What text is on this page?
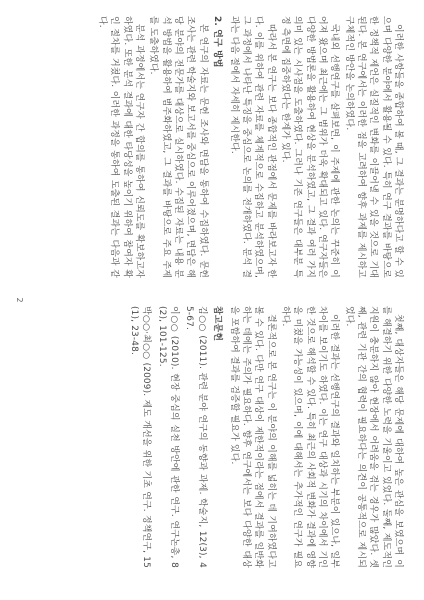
이러한 사항들을 종합하여 볼 때, 그 결과는 분명하다고 할 수 있으며 다양한 분야에서 활용될 수 있다. 특히 연구 결과를 바탕으로 한 정책적 제언은 실질적인 변화를 이끌어낼 수 있을 것으로 기대된다. 본 연구에서는 이러한 점을 고려하여 향후 과제를 제시하고 구체적인 방안을 논의하였다.

국내외 선행연구를 살펴보면, 이 주제에 관한 논의는 꾸준히 이어져 왔으며 최근에는 그 범위가 더욱 확대되고 있다. 연구자들은 다양한 방법론을 활용하여 현상을 분석하였고, 그 결과 여러 가지 의미 있는 시사점을 도출하였다. 그러나 기존 연구들은 대부분 특정 측면에 집중하였다는 한계가 있다.

따라서 본 연구는 보다 종합적인 관점에서 문제를 바라보고자 한다. 이를 위하여 관련 자료를 체계적으로 수집하고 분석하였으며, 그 과정에서 나타난 특징을 중심으로 논의를 전개하였다. 분석 결과는 다음 절에서 자세히 제시한다.

2. 연구 방법

본 연구의 자료는 문헌 조사와 면담을 통하여 수집하였다. 문헌 조사는 관련 학술지와 보고서를 중심으로 이루어졌으며, 면담은 해당 분야의 전문가를 대상으로 실시하였다. 수집된 자료는 내용 분석 방법을 활용하여 범주화하였고, 그 결과를 바탕으로 주요 주제를 도출하였다.

분석 과정에서는 연구자 간 합의를 통하여 신뢰도를 확보하고자 하였다. 또한 분석 결과에 대한 타당성을 높이기 위하여 참여자 확인 절차를 거쳤다. 이러한 과정을 통하여 도출된 결과는 다음과 같다.

첫째, 대상자들은 해당 문제에 대하여 높은 관심을 보였으며 이를 해결하기 위한 다양한 노력을 기울이고 있었다. 둘째, 제도적인 지원이 충분하지 않아 현장에서 어려움을 겪는 경우가 많았다. 셋째, 관련 기관 간의 협력이 필요하다는 의견이 공통적으로 제시되었다.

이러한 결과는 선행연구의 결과와 일치하는 부분이 있으나, 일부 차이를 보이기도 하였다. 이는 연구 대상과 시기의 차이에서 기인한 것으로 해석할 수 있다. 특히 최근의 사회적 변화가 결과에 영향을 미쳤을 가능성이 있으며, 이에 대해서는 추가적인 연구가 필요하다.

결론적으로 본 연구는 이 분야의 이해를 넓히는 데 기여하였다고 볼 수 있다. 다만 연구 대상이 제한적이라는 점에서 결과를 일반화하는 데에는 주의가 필요하다. 향후 연구에서는 보다 다양한 대상을 포함하여 결과를 검증할 필요가 있다.

참고문헌

김○○ (2011). 관련 분야 연구의 동향과 과제. 학술지, 12(3), 45-67.

이○○ (2010). 현장 중심의 실천 방안에 관한 연구. 연구논총, 8(2), 101-125.

박○○·최○○ (2009). 제도 개선을 위한 기초 연구. 정책연구, 15(1), 23-48.

2
